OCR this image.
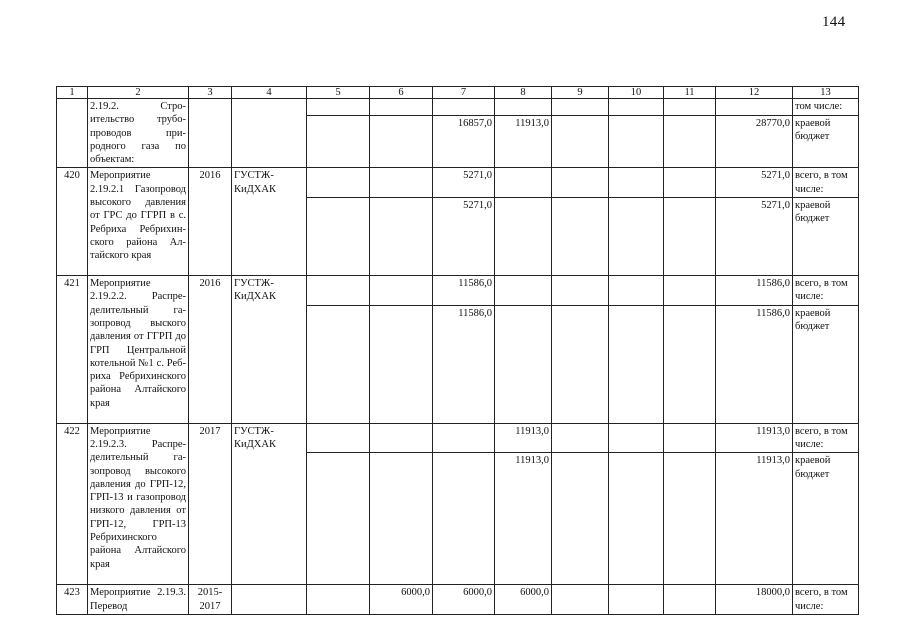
144
1	2	3	4	5	6	7	8	9	10	11	12	13
	2.19.2. Строительство трубопроводов природного газа по объектам:											том числе:
						16857,0	11913,0				28770,0	краевой бюджет
420	Мероприятие 2.19.2.1 Газопровод высокого давления от ГРС до ГГРП в с. Ребриха Ребрихинского района Алтайского края	2016	ГУСТЖКиДХАК			5271,0					5271,0	всего, в том числе:
						5271,0					5271,0	краевой бюджет
421	Мероприятие 2.19.2.2. Распределительный газопровод выского давления от ГГРП до ГРП Центральной котельной №1 с. Ребриха Ребрихинского района Алтайского края	2016	ГУСТЖКиДХАК			11586,0					11586,0	всего, в том числе:
						11586,0					11586,0	краевой бюджет
422	Мероприятие 2.19.2.3. Распределительный газопровод высокого давления до ГРП-12, ГРП-13 и газопровод низкого давления от ГРП-12, ГРП-13 Ребрихинского района Алтайского края	2017	ГУСТЖКиДХАК				11913,0				11913,0	всего, в том числе:
							11913,0				11913,0	краевой бюджет
423	Мероприятие 2.19.3. Перевод	2015-2017			6000,0	6000,0	6000,0				18000,0	всего, в том числе:
